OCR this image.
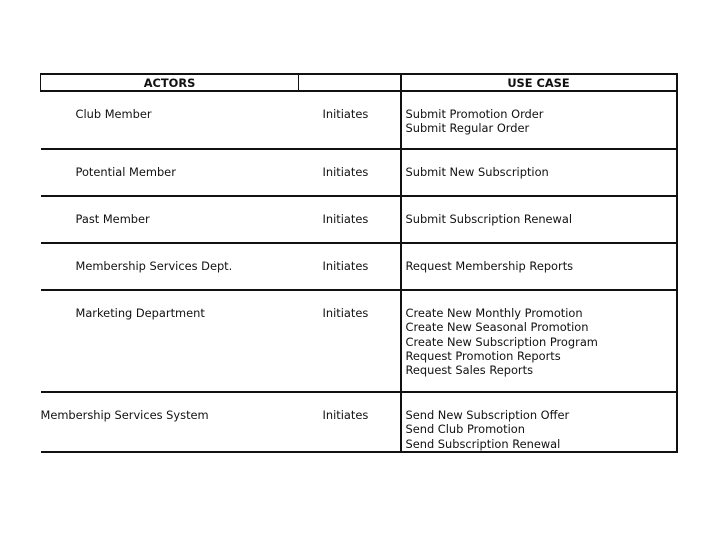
ACTORS		USE CASE
Club Member	Initiates	Submit Promotion Order
Submit Regular Order

Potential Member	Initiates	Submit New Subscription

Past Member	Initiates	Submit Subscription Renewal

Membership Services Dept.	Initiates	Request Membership Reports

Marketing Department	Initiates	Create New Monthly Promotion
Create New Seasonal Promotion
Create New Subscription Program
Request Promotion Reports
Request Sales Reports

Membership Services System	Initiates	Send New Subscription Offer
Send Club Promotion
Send Subscription Renewal
